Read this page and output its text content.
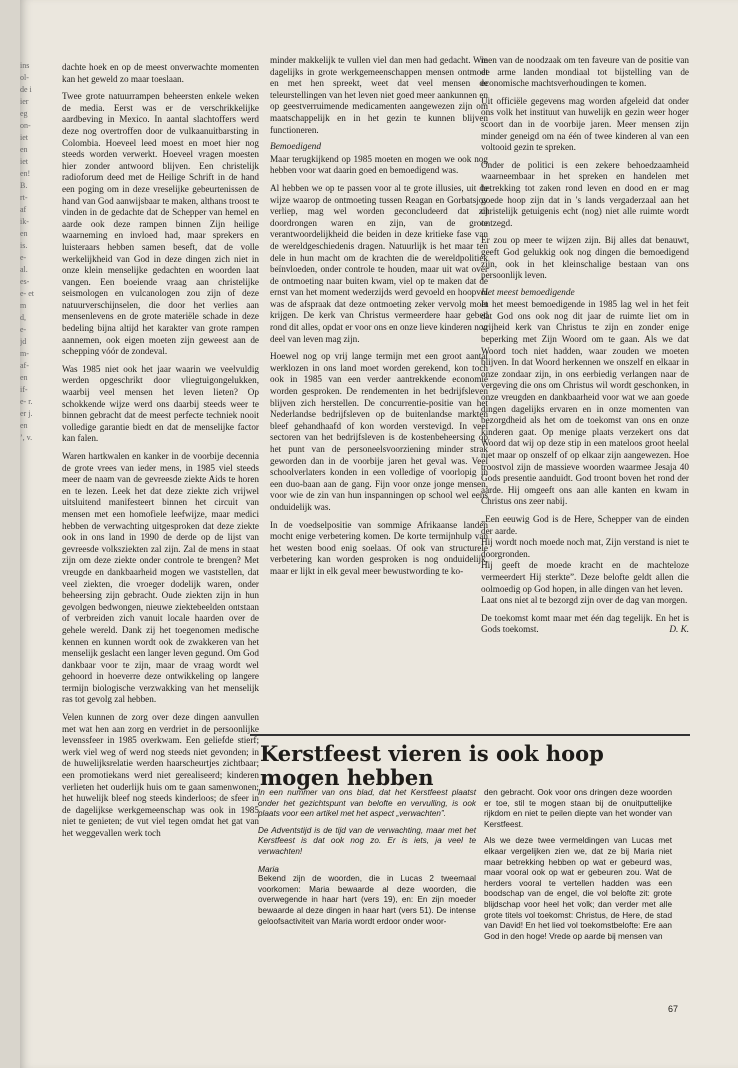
ins ol- de i ier eg on- iet en iet en! B. rt- af ik- en is. e- al. es- e- et m d, e- jd m- af- en if- e- r. er j. en ’, v.

dachte hoek en op de meest onverwachte momenten kan het geweld zo maar toeslaan.

Twee grote natuurrampen beheersten enkele weken de media. Eerst was er de verschrikkelijke aardbeving in Mexico. In aantal slachtoffers werd deze nog overtroffen door de vulkaanuitbarsting in Colombia. Hoeveel leed moest en moet hier nog steeds worden verwerkt. Hoeveel vragen moesten hier zonder antwoord blijven. Een christelijk radioforum deed met de Heilige Schrift in de hand een poging om in deze vreselijke gebeurtenissen de hand van God aanwijsbaar te maken, althans troost te vinden in de gedachte dat de Schepper van hemel en aarde ook deze rampen binnen Zijn heilige waarneming en invloed had, maar sprekers en luisteraars hebben samen beseft, dat de volle werkelijkheid van God in deze dingen zich niet in onze klein menselijke gedachten en woorden laat vangen. Een boeiende vraag aan christelijke seismologen en vulcanologen zou zijn of deze natuurverschijnselen, die door het verlies aan mensenlevens en de grote materiële schade in deze bedeling bijna altijd het karakter van grote rampen aannemen, ook eigen moeten zijn geweest aan de schepping vóór de zondeval.

Was 1985 niet ook het jaar waarin we veelvuldig werden opgeschrikt door vliegtuigongelukken, waarbij veel mensen het leven lieten? Op schokkende wijze werd ons daarbij steeds weer te binnen gebracht dat de meest perfecte techniek nooit volledige garantie biedt en dat de menselijke factor kan falen.

Waren hartkwalen en kanker in de voorbije decennia de grote vrees van ieder mens, in 1985 viel steeds meer de naam van de gevreesde ziekte Aids te horen en te lezen. Leek het dat deze ziekte zich vrijwel uitsluitend manifesteert binnen het circuit van mensen met een homofiele leefwijze, maar medici hebben de verwachting uitgesproken dat deze ziekte ook in ons land in 1990 de derde op de lijst van gevreesde volksziekten zal zijn. Zal de mens in staat zijn om deze ziekte onder controle te brengen? Met vreugde en dankbaarheid mogen we vaststellen, dat veel ziekten, die vroeger dodelijk waren, onder beheersing zijn gebracht. Oude ziekten zijn in hun gevolgen bedwongen, nieuwe ziektebeelden ontstaan of verbreiden zich vanuit locale haarden over de gehele wereld. Dank zij het toegenomen medische kennen en kunnen wordt ook de zwakkeren van het menselijk geslacht een langer leven gegund. Om God dankbaar voor te zijn, maar de vraag wordt wel gehoord in hoeverre deze ontwikkeling op langere termijn biologische verzwakking van het menselijk ras tot gevolg zal hebben.

Velen kunnen de zorg over deze dingen aanvullen met wat hen aan zorg en verdriet in de persoonlijke levenssfeer in 1985 overkwam. Een geliefde stierf; werk viel weg of werd nog steeds niet gevonden; in de huwelijksrelatie werden haarscheurtjes zichtbaar; een promotiekans werd niet gerealiseerd; kinderen verlieten het ouderlijk huis om te gaan samenwonen; het huwelijk bleef nog steeds kinderloos; de sfeer in de dagelijkse werkgemeenschap was ook in 1985 niet te genieten; de vut viel tegen omdat het gat van het weggevallen werk toch

minder makkelijk te vullen viel dan men had gedacht. Wie dagelijks in grote werkgemeenschappen mensen ontmoet en met hen spreekt, weet dat veel mensen de teleurstellingen van het leven niet goed meer aankunnen en op geestverruimende medicamenten aangewezen zijn om maatschappelijk en in het gezin te kunnen blijven functioneren.

Bemoedigend

Maar terugkijkend op 1985 moeten en mogen we ook nog hebben voor wat daarin goed en bemoedigend was.

Al hebben we op te passen voor al te grote illusies, uit de wijze waarop de ontmoeting tussen Reagan en Gorbatsjov verliep, mag wel worden geconcludeerd dat zij doordrongen waren en zijn, van de grote verantwoordelijkheid die beiden in deze kritieke fase van de wereldgeschiedenis dragen. Natuurlijk is het maar ten dele in hun macht om de krachten die de wereldpolitiek beïnvloeden, onder controle te houden, maar uit wat over de ontmoeting naar buiten kwam, viel op te maken dat de ernst van het moment wederzijds werd gevoeld en hoopvol was de afspraak dat deze ontmoeting zeker vervolg moet krijgen. De kerk van Christus vermeerdere haar gebed rond dit alles, opdat er voor ons en onze lieve kinderen nog deel van leven mag zijn.

Hoewel nog op vrij lange termijn met een groot aantal werklozen in ons land moet worden gerekend, kon toch ook in 1985 van een verder aantrekkende economie worden gesproken. De rendementen in het bedrijfsleven blijven zich herstellen. De concurrentie-positie van het Nederlandse bedrijfsleven op de buitenlandse markten bleef gehandhaafd of kon worden verstevigd. In veel sectoren van het bedrijfsleven is de kostenbeheersing op het punt van de personeelsvoorziening minder strak geworden dan in de voorbije jaren het geval was. Veel schoolverlaters konden in een volledige of voorlopig in een duo-baan aan de gang. Fijn voor onze jonge mensen, voor wie de zin van hun inspanningen op school wel eens onduidelijk was.

In de voedselpositie van sommige Afrikaanse landen mocht enige verbetering komen. De korte termijnhulp van het westen bood enig soelaas. Of ook van structurele verbetering kan worden gesproken is nog onduidelijk, maar er lijkt in elk geval meer bewustwording te ko-

men van de noodzaak om ten faveure van de positie van de arme landen mondiaal tot bijstelling van de economische machtsverhoudingen te komen.

Uit officiële gegevens mag worden afgeleid dat onder ons volk het instituut van huwelijk en gezin weer hoger scoort dan in de voorbije jaren. Meer mensen zijn minder geneigd om na één of twee kinderen al van een voltooid gezin te spreken.

Onder de politici is een zekere behoedzaamheid waarneembaar in het spreken en handelen met betrekking tot zaken rond leven en dood en er mag goede hoop zijn dat in 's lands vergaderzaal aan het christelijk getuigenis echt (nog) niet alle ruimte wordt ontzegd.

Er zou op meer te wijzen zijn. Bij alles dat benauwt, geeft God gelukkig ook nog dingen die bemoedigend zijn, ook in het kleinschalige bestaan van ons persoonlijk leven.

Het meest bemoedigende

In het meest bemoedigende in 1985 lag wel in het feit dat God ons ook nog dit jaar de ruimte liet om in vrijheid kerk van Christus te zijn en zonder enige beperking met Zijn Woord om te gaan. Als we dat Woord toch niet hadden, waar zouden we moeten blijven. In dat Woord herkennen we onszelf en elkaar in onze zondaar zijn, in ons eerbiedig verlangen naar de vergeving die ons om Christus wil wordt geschonken, in onze vreugden en dankbaarheid voor wat we aan goede dingen dagelijks ervaren en in onze momenten van bezorgdheid als het om de toekomst van ons en onze kinderen gaat. Op menige plaats verzekert ons dat Woord dat wij op deze stip in een mateloos groot heelal niet maar op onszelf of op elkaar zijn aangewezen. Hoe troostvol zijn de massieve woorden waarmee Jesaja 40 Gods presentie aanduidt. God troont boven het rond der aarde. Hij omgeeft ons aan alle kanten en kwam in Christus ons zeer nabij.

„Een eeuwig God is de Here, Schepper van de einden der aarde.
Hij wordt noch moede noch mat, Zijn verstand is niet te doorgronden.
Hij geeft de moede kracht en de machteloze vermeerdert Hij sterkte”. Deze belofte geldt allen die oolmoedig op God hopen, in alle dingen van het leven.
Laat ons niet al te bezorgd zijn over de dag van morgen.

De toekomst komt maar met één dag tegelijk. En het is Gods toekomst.	D. K.

Kerstfeest vieren is ook hoop mogen hebben

In een nummer van ons blad, dat het Kerstfeest plaatst onder het gezichtspunt van belofte en vervulling, is ook plaats voor een artikel met het aspect „verwachten”.

De Adventstijd is de tijd van de verwachting, maar met het Kerstfeest is dat ook nog zo. Er is iets, ja veel te verwachten!

Maria

Bekend zijn de woorden, die in Lucas 2 tweemaal voorkomen: Maria bewaarde al deze woorden, die overwegende in haar hart (vers 19), en: En zijn moeder bewaarde al deze dingen in haar hart (vers 51). De intense geloofsactiviteit van Maria wordt erdoor onder woor-

den gebracht. Ook voor ons dringen deze woorden er toe, stil te mogen staan bij de onuitputtelijke rijkdom en niet te peilen diepte van het wonder van Kerstfeest.

Als we deze twee vermeldingen van Lucas met elkaar vergelijken zien we, dat ze bij Maria niet maar betrekking hebben op wat er gebeurd was, maar vooral ook op wat er gebeuren zou. Wat de herders vooral te vertellen hadden was een boodschap van de engel, die vol belofte zit: grote blijdschap voor heel het volk; dan verder met alle grote titels vol toekomst: Christus, de Here, de stad van David! En het lied vol toekomstbelofte: Ere aan God in den hoge! Vrede op aarde bij mensen van

67
